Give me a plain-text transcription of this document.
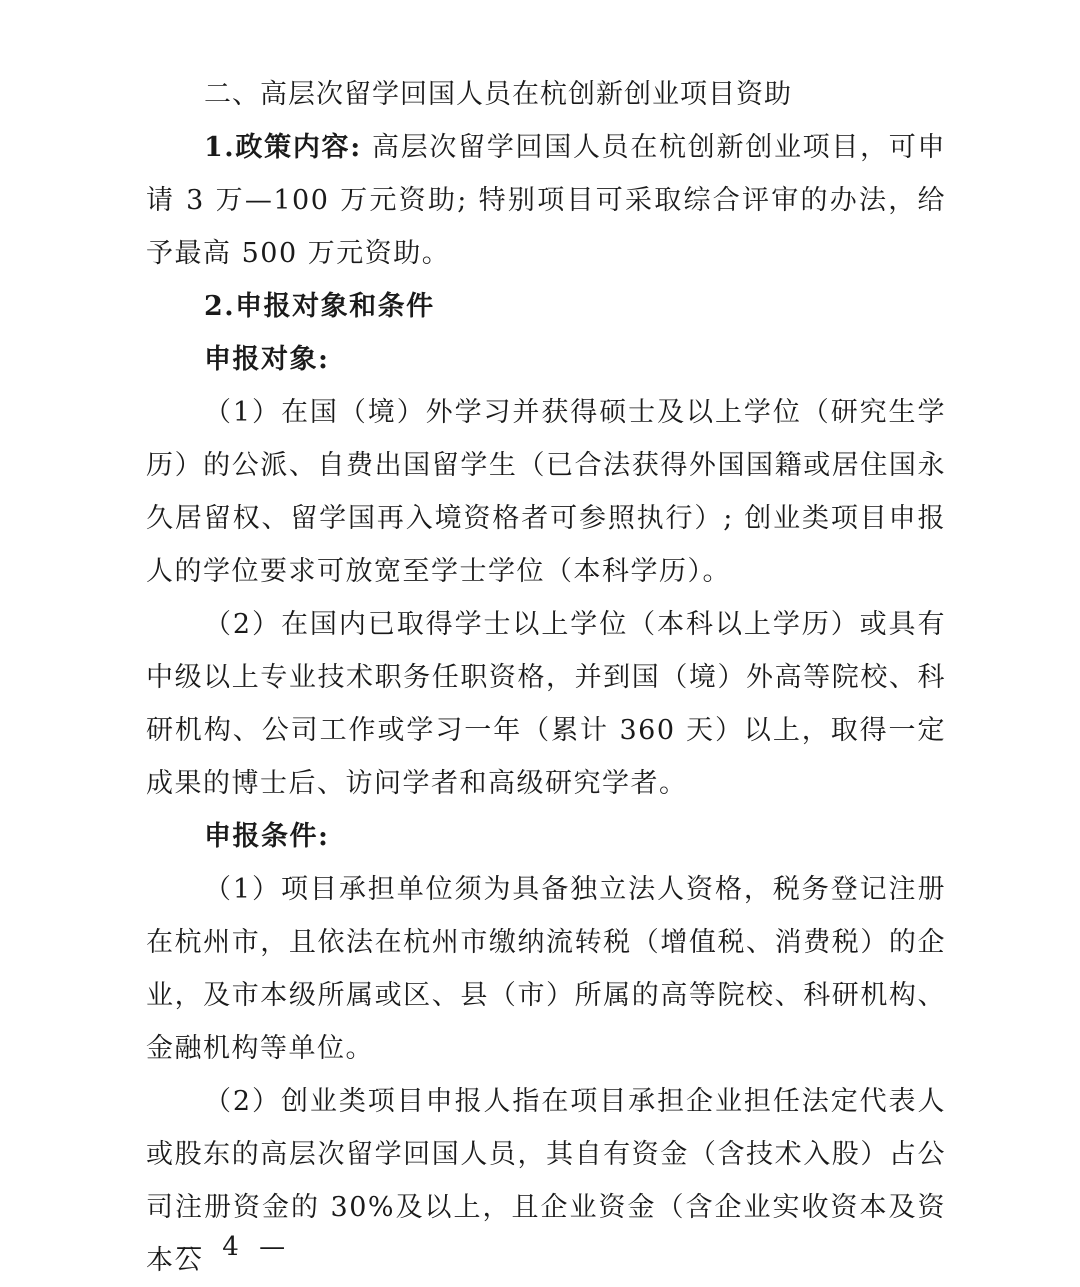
二、高层次留学回国人员在杭创新创业项目资助

1.政策内容: 高层次留学回国人员在杭创新创业项目，可申请 3 万—100 万元资助; 特别项目可采取综合评审的办法，给予最高 500 万元资助。

2.申报对象和条件

申报对象:

（1）在国（境）外学习并获得硕士及以上学位（研究生学历）的公派、自费出国留学生（已合法获得外国国籍或居住国永久居留权、留学国再入境资格者可参照执行）; 创业类项目申报人的学位要求可放宽至学士学位（本科学历）。

（2）在国内已取得学士以上学位（本科以上学历）或具有中级以上专业技术职务任职资格，并到国（境）外高等院校、科研机构、公司工作或学习一年（累计 360 天）以上，取得一定成果的博士后、访问学者和高级研究学者。

申报条件:

（1）项目承担单位须为具备独立法人资格，税务登记注册在杭州市，且依法在杭州市缴纳流转税（增值税、消费税）的企业，及市本级所属或区、县（市）所属的高等院校、科研机构、金融机构等单位。

（2）创业类项目申报人指在项目承担企业担任法定代表人或股东的高层次留学回国人员，其自有资金（含技术入股）占公司注册资金的 30%及以上，且企业资金（含企业实收资本及资本公

— 4 —
